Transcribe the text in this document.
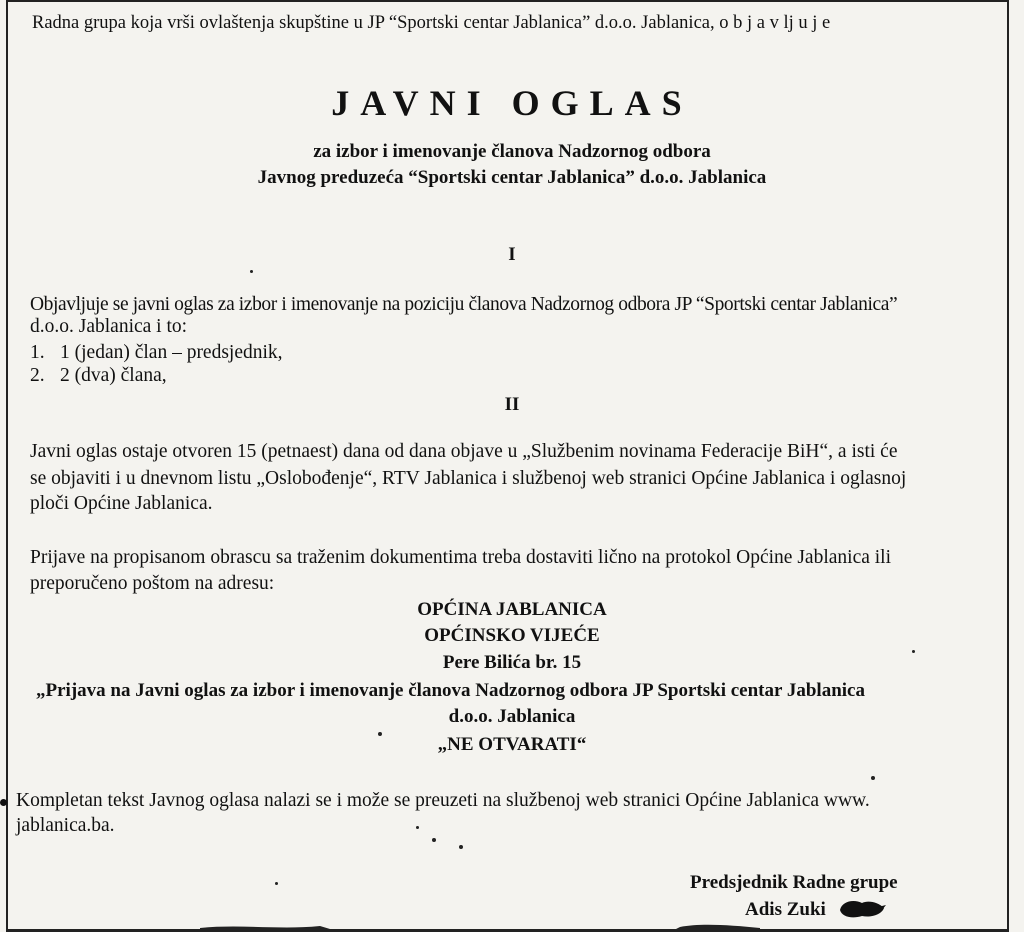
Radna grupa koja vrši ovlaštenja skupštine u JP “Sportski centar Jablanica” d.o.o. Jablanica, o b j a v lj u j e
JAVNI OGLAS
za izbor i imenovanje članova Nadzornog odbora
Javnog preduzeća “Sportski centar Jablanica” d.o.o. Jablanica
I
Objavljuje se javni oglas za izbor i imenovanje na poziciju članova Nadzornog odbora JP “Sportski centar Jablanica”
d.o.o. Jablanica i to:
1. 1 (jedan) član – predsjednik,
2. 2 (dva) člana,
II
Javni oglas ostaje otvoren 15 (petnaest) dana od dana objave u „Službenim novinama Federacije BiH“, a isti će
se objaviti i u dnevnom listu „Oslobođenje“, RTV Jablanica i službenoj web stranici Općine Jablanica i oglasnoj
ploči Općine Jablanica.
Prijave na propisanom obrascu sa traženim dokumentima treba dostaviti lično na protokol Općine Jablanica ili
preporučeno poštom na adresu:
OPĆINA JABLANICA
OPĆINSKO VIJEĆE
Pere Bilića br. 15
„Prijava na Javni oglas za izbor i imenovanje članova Nadzornog odbora JP Sportski centar Jablanica
d.o.o. Jablanica
„NE OTVARATI“
Kompletan tekst Javnog oglasa nalazi se i može se preuzeti na službenoj web stranici Općine Jablanica www.
jablanica.ba.
Predsjednik Radne grupe
Adis Zuki
